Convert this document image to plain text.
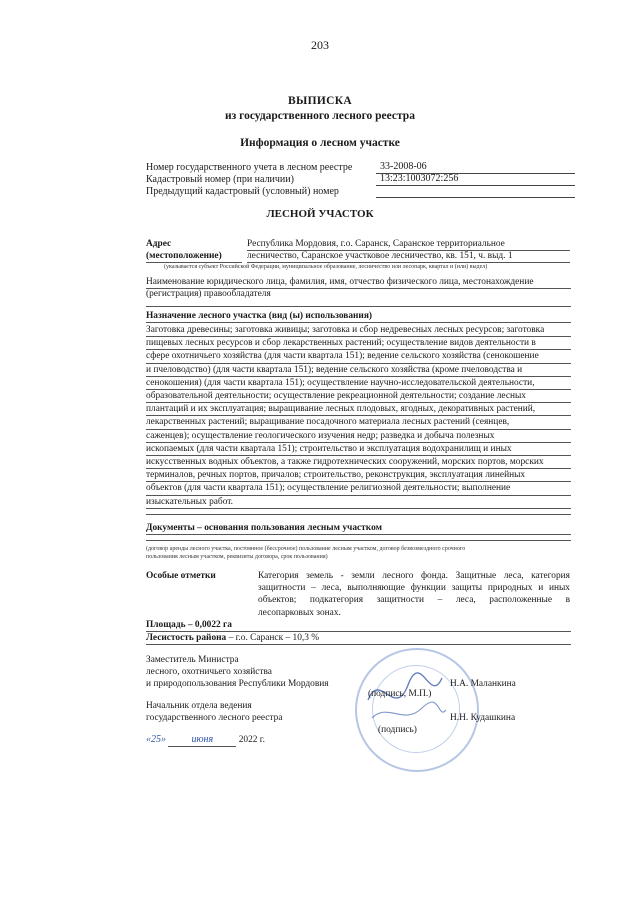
203
ВЫПИСКА
из государственного лесного реестра
Информация о лесном участке
Номер государственного учета в лесном реестре	33-2008-06
Кадастровый номер (при наличии)	13:23:1003072:256
Предыдущий кадастровый (условный) номер
ЛЕСНОЙ УЧАСТОК
Адрес
(местоположение)
Республика Мордовия, г.о. Саранск, Саранское территориальное
лесничество, Саранское участковое лесничество, кв. 151, ч. выд. 1
(указывается субъект Российской Федерации, муниципальное образование, лесничество или лесопарк, квартал и (или) выдел)
Наименование юридического лица, фамилия, имя, отчество физического лица, местонахождение
(регистрация) правообладателя
Назначение лесного участка (вид (ы) использования)
Заготовка древесины; заготовка живицы; заготовка и сбор недревесных лесных ресурсов; заготовка
пищевых лесных ресурсов и сбор лекарственных растений; осуществление видов деятельности в
сфере охотничьего хозяйства (для части квартала 151); ведение сельского хозяйства (сенокошение
и пчеловодство) (для части квартала 151); ведение сельского хозяйства (кроме пчеловодства и
сенокошения) (для части квартала 151); осуществление научно-исследовательской деятельности,
образовательной деятельности; осуществление рекреационной деятельности; создание лесных
плантаций и их эксплуатация; выращивание лесных плодовых, ягодных, декоративных растений,
лекарственных растений; выращивание посадочного материала лесных растений (сеянцев,
саженцев); осуществление геологического изучения недр; разведка и добыча полезных
ископаемых (для части квартала 151); строительство и эксплуатация водохранилищ и иных
искусственных водных объектов, а также гидротехнических сооружений, морских портов, морских
терминалов, речных портов, причалов; строительство, реконструкция, эксплуатация линейных
объектов (для части квартала 151); осуществление религиозной деятельности; выполнение
изыскательных работ.
Документы – основания пользования лесным участком
(договор аренды лесного участка, постоянное (бессрочное) пользование лесным участком, договор безвозмездного срочного
пользования лесным участком, реквизиты договора, срок пользования)
Особые отметки	Категория земель - земли лесного фонда. Защитные леса, категория
защитности – леса, выполняющие функции защиты природных и иных
объектов; подкатегория защитности – леса, расположенные в
лесопарковых зонах.
Площадь – 0,0022 га
Лесистость района – г.о. Саранск – 10,3 %
Заместитель Министра
лесного, охотничьего хозяйства
и природопользования Республики Мордовия	Н.А. Маланкина
(подпись, М.П.)
Начальник отдела ведения
государственного лесного реестра	Н.Н. Кудашкина
(подпись)
«25»	июня	2022 г.
